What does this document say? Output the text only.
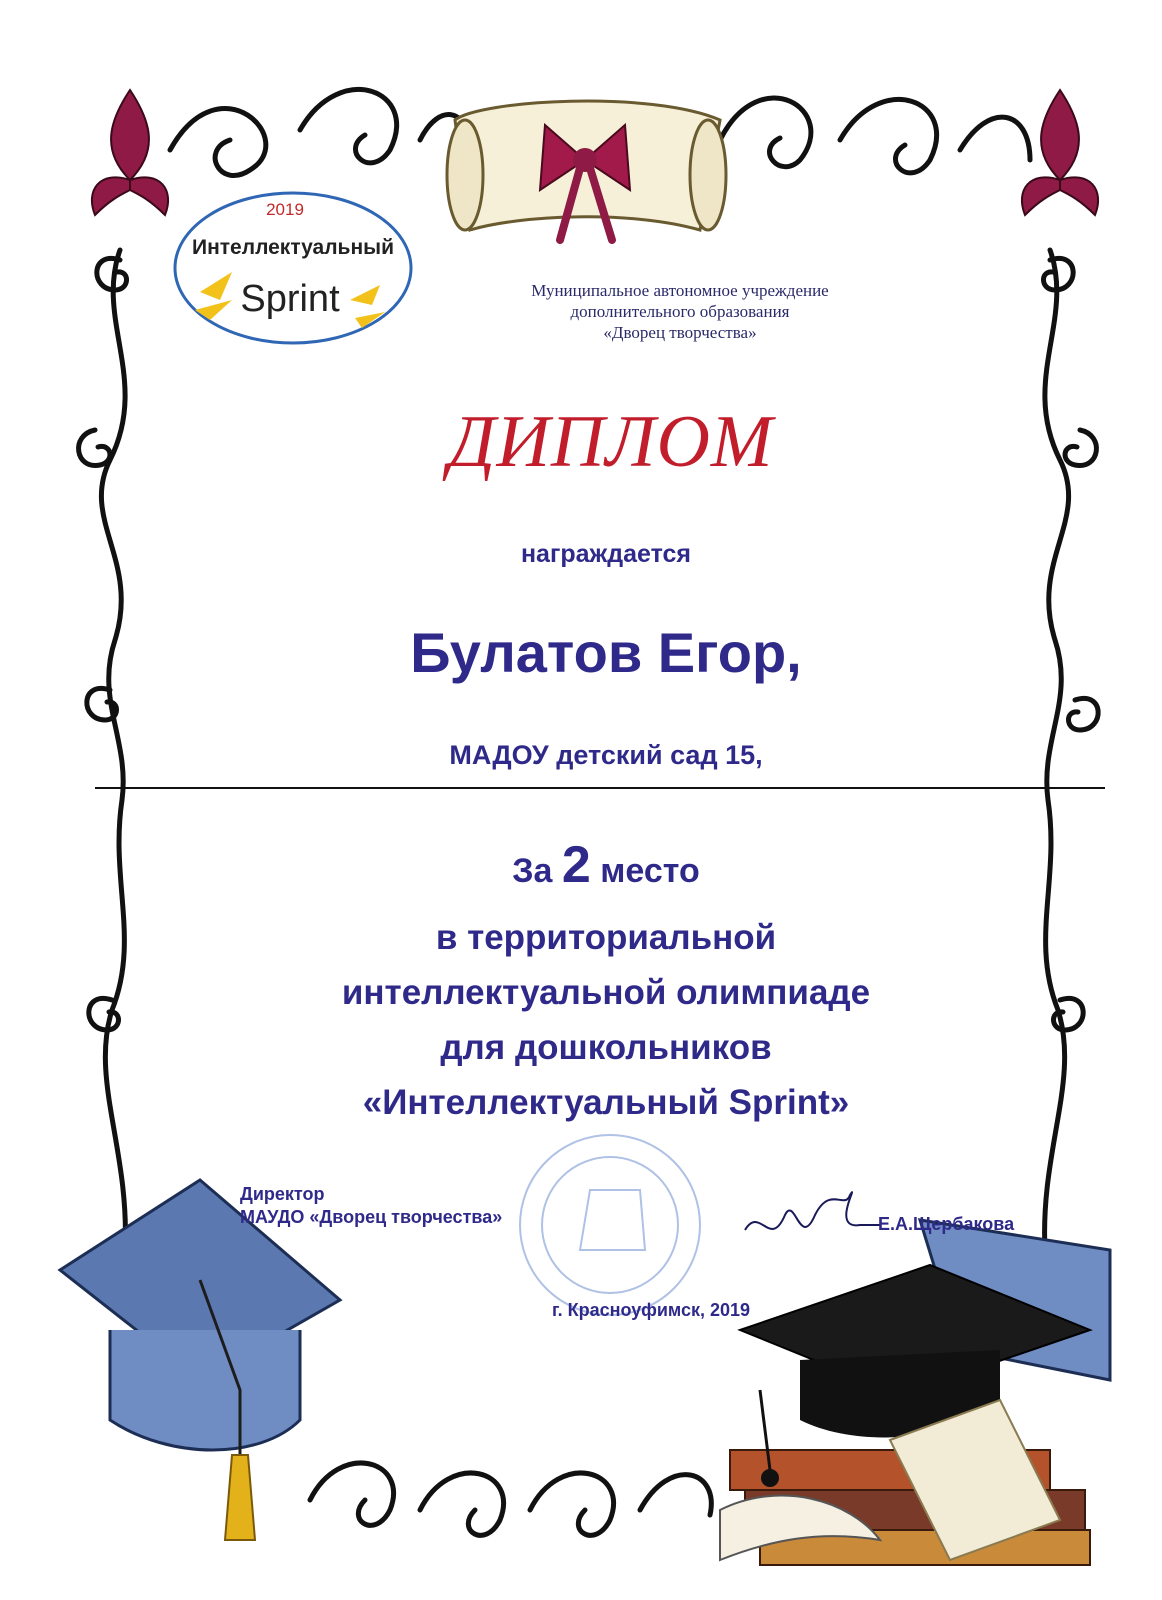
2019
Интеллектуальный
Sprint	Муниципальное автономное учреждение
дополнительного образования
«Дворец творчества»
ДИПЛОМ
награждается
Булатов Егор,
МАДОУ детский сад 15,
За 2 место
в территориальной
интеллектуальной олимпиаде
для дошкольников
«Интеллектуальный Sprint»
Директор
МАУДО «Дворец творчества»	Е.А.Щербакова
г. Красноуфимск, 2019
